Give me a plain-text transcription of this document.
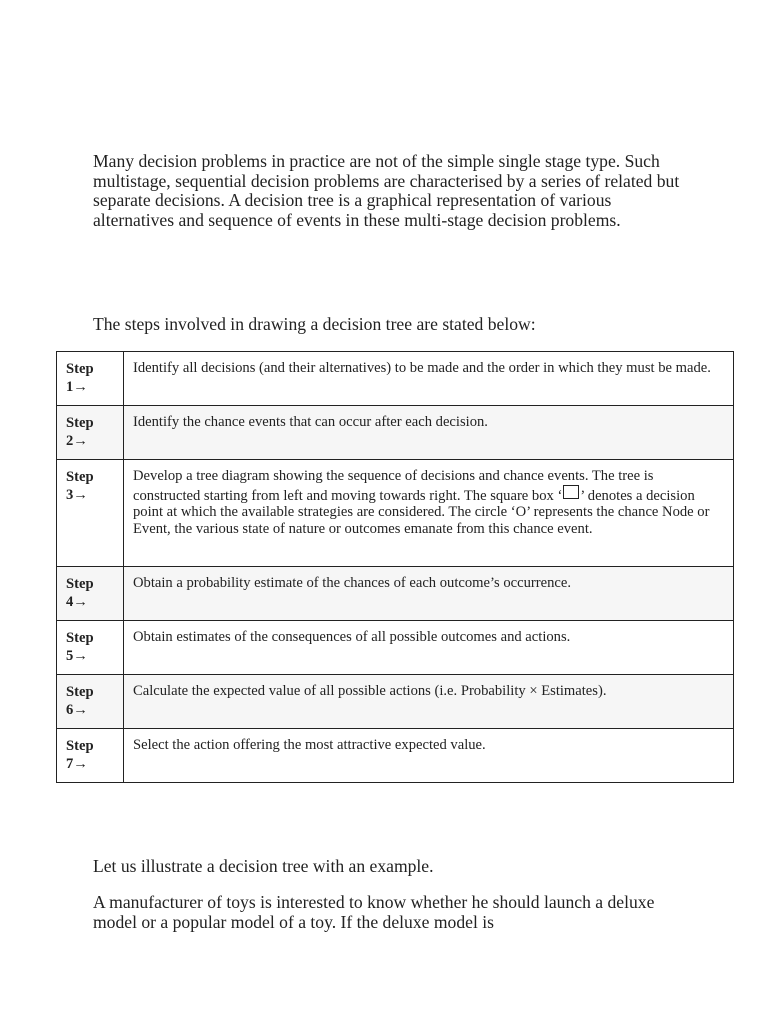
Many decision problems in practice are not of the simple single stage type. Such multistage, sequential decision problems are characterised by a series of related but separate decisions. A decision tree is a graphical representation of various alternatives and sequence of events in these multi-stage decision problems.

The steps involved in drawing a decision tree are stated below:

Step 1→	Identify all decisions (and their alternatives) to be made and the order in which they must be made.
Step 2→	Identify the chance events that can occur after each decision.
Step 3→	Develop a tree diagram showing the sequence of decisions and chance events. The tree is constructed starting from left and moving towards right. The square box ‘ ’ denotes a decision point at which the available strategies are considered. The circle ‘O’ represents the chance Node or Event, the various state of nature or outcomes emanate from this chance event.
Step 4→	Obtain a probability estimate of the chances of each outcome’s occurrence.
Step 5→	Obtain estimates of the consequences of all possible outcomes and actions.
Step 6→	Calculate the expected value of all possible actions (i.e. Probability × Estimates).
Step 7→	Select the action offering the most attractive expected value.

Let us illustrate a decision tree with an example.

A manufacturer of toys is interested to know whether he should launch a deluxe model or a popular model of a toy. If the deluxe model is
